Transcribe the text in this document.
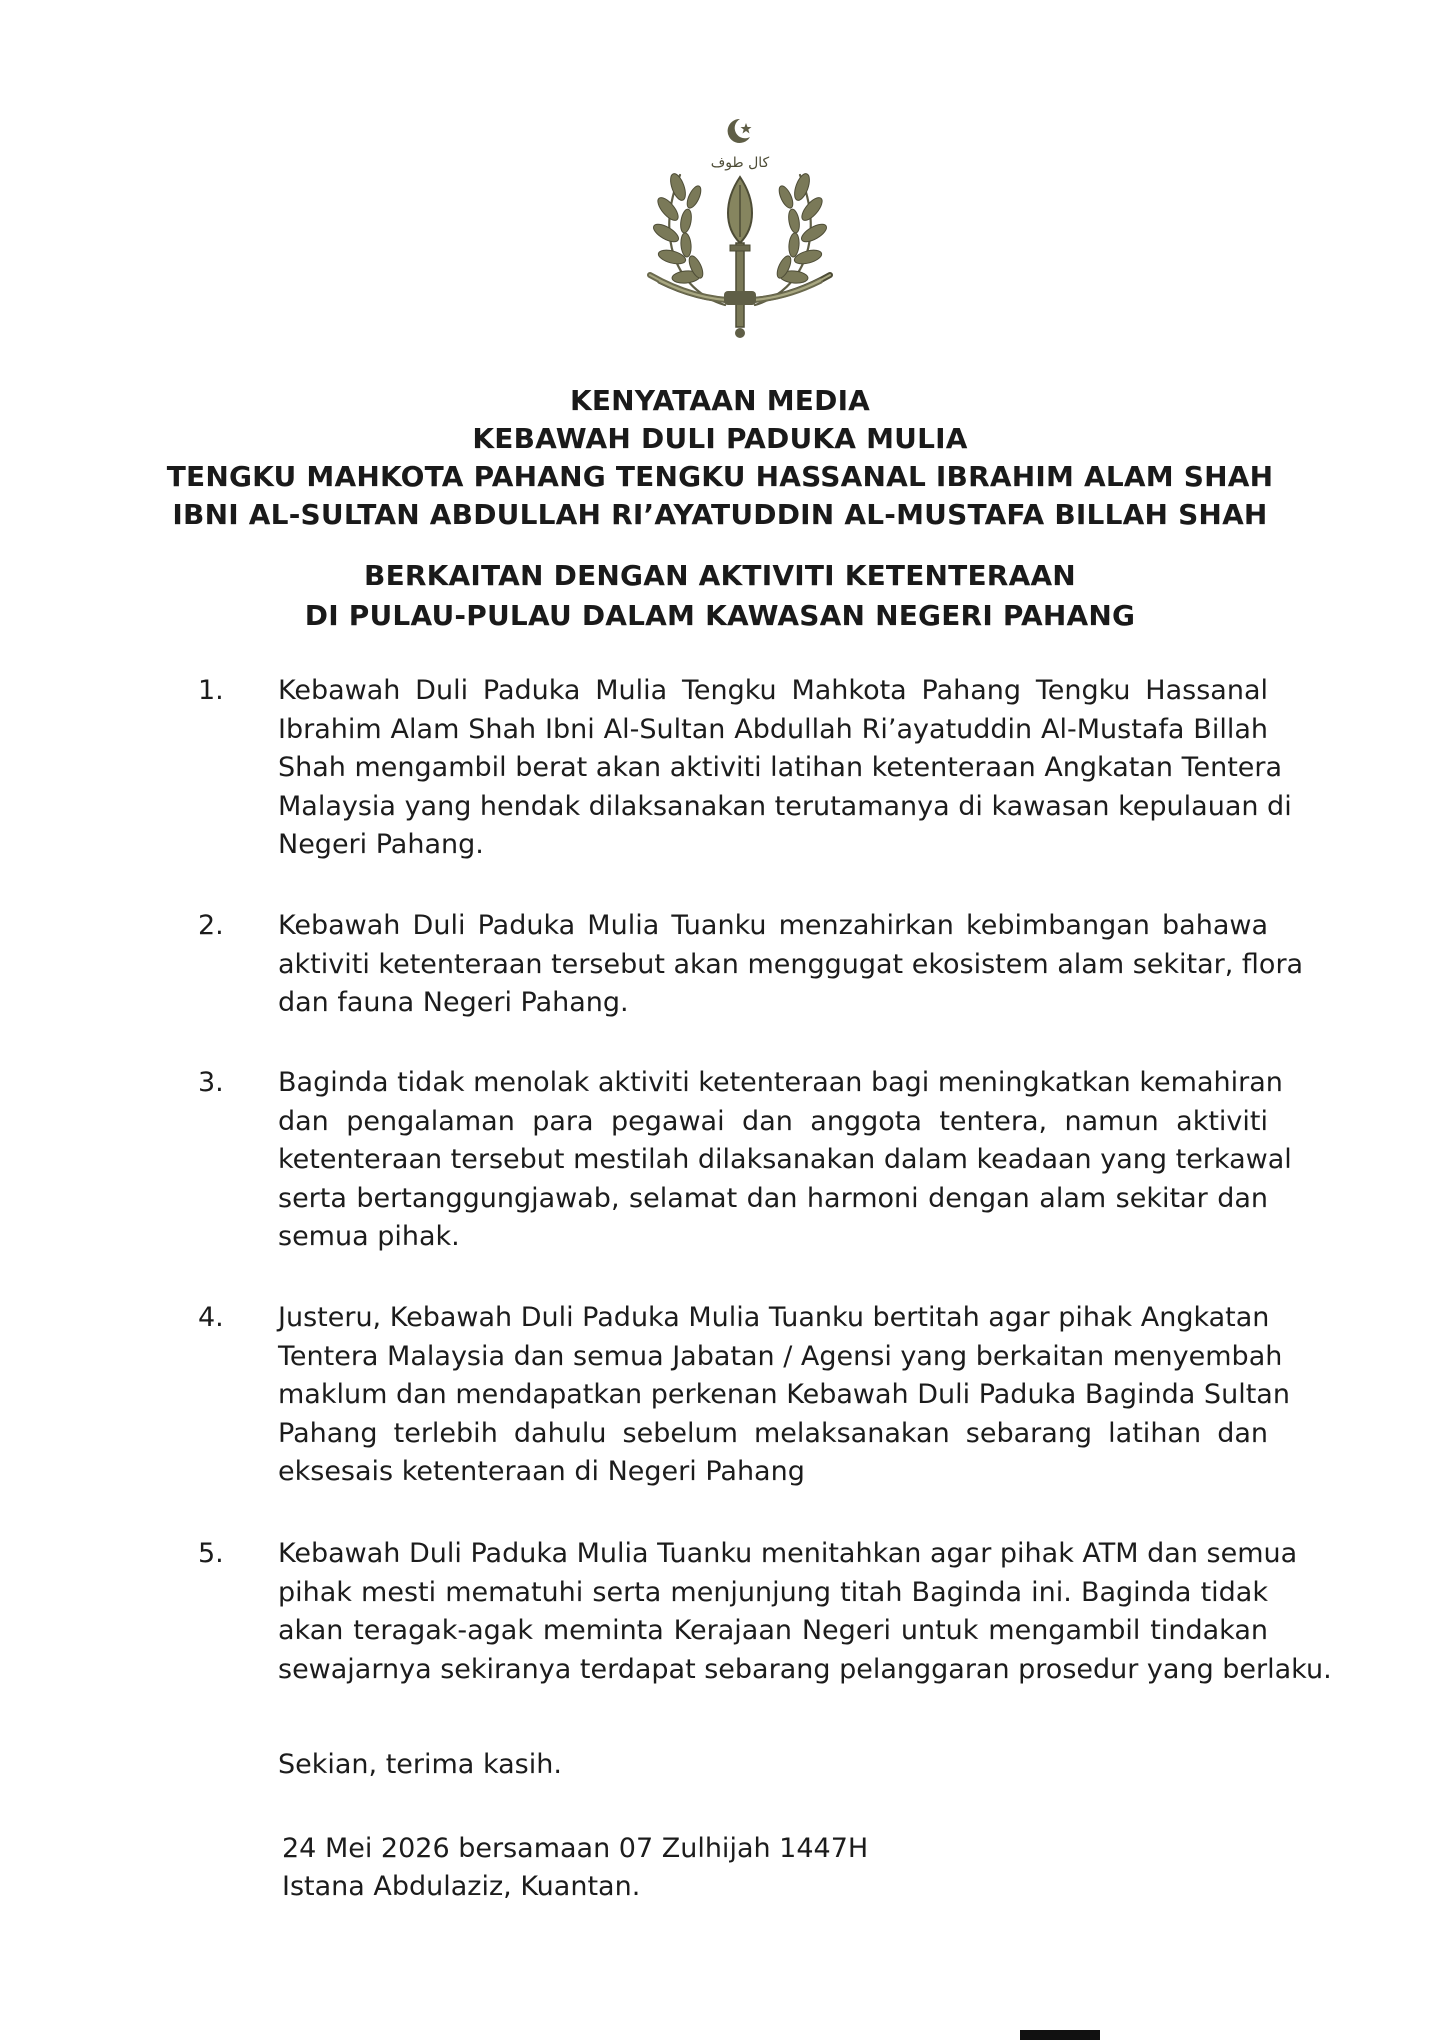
كال طوف
KENYATAAN MEDIA
KEBAWAH DULI PADUKA MULIA
TENGKU MAHKOTA PAHANG TENGKU HASSANAL IBRAHIM ALAM SHAH
IBNI AL-SULTAN ABDULLAH RI’AYATUDDIN AL-MUSTAFA BILLAH SHAH
BERKAITAN DENGAN AKTIVITI KETENTERAAN
DI PULAU-PULAU DALAM KAWASAN NEGERI PAHANG
1.	Kebawah Duli Paduka Mulia Tengku Mahkota Pahang Tengku Hassanal
Ibrahim Alam Shah Ibni Al-Sultan Abdullah Ri’ayatuddin Al-Mustafa Billah
Shah mengambil berat akan aktiviti latihan ketenteraan Angkatan Tentera
Malaysia yang hendak dilaksanakan terutamanya di kawasan kepulauan di
Negeri Pahang.
2.	Kebawah Duli Paduka Mulia Tuanku menzahirkan kebimbangan bahawa
aktiviti ketenteraan tersebut akan menggugat ekosistem alam sekitar, flora
dan fauna Negeri Pahang.
3.	Baginda tidak menolak aktiviti ketenteraan bagi meningkatkan kemahiran
dan pengalaman para pegawai dan anggota tentera, namun aktiviti
ketenteraan tersebut mestilah dilaksanakan dalam keadaan yang terkawal
serta bertanggungjawab, selamat dan harmoni dengan alam sekitar dan
semua pihak.
4.	Justeru, Kebawah Duli Paduka Mulia Tuanku bertitah agar pihak Angkatan
Tentera Malaysia dan semua Jabatan / Agensi yang berkaitan menyembah
maklum dan mendapatkan perkenan Kebawah Duli Paduka Baginda Sultan
Pahang terlebih dahulu sebelum melaksanakan sebarang latihan dan
eksesais ketenteraan di Negeri Pahang
5.	Kebawah Duli Paduka Mulia Tuanku menitahkan agar pihak ATM dan semua
pihak mesti mematuhi serta menjunjung titah Baginda ini. Baginda tidak
akan teragak-agak meminta Kerajaan Negeri untuk mengambil tindakan
sewajarnya sekiranya terdapat sebarang pelanggaran prosedur yang berlaku.
Sekian, terima kasih.
24 Mei 2026 bersamaan 07 Zulhijah 1447H
Istana Abdulaziz, Kuantan.
